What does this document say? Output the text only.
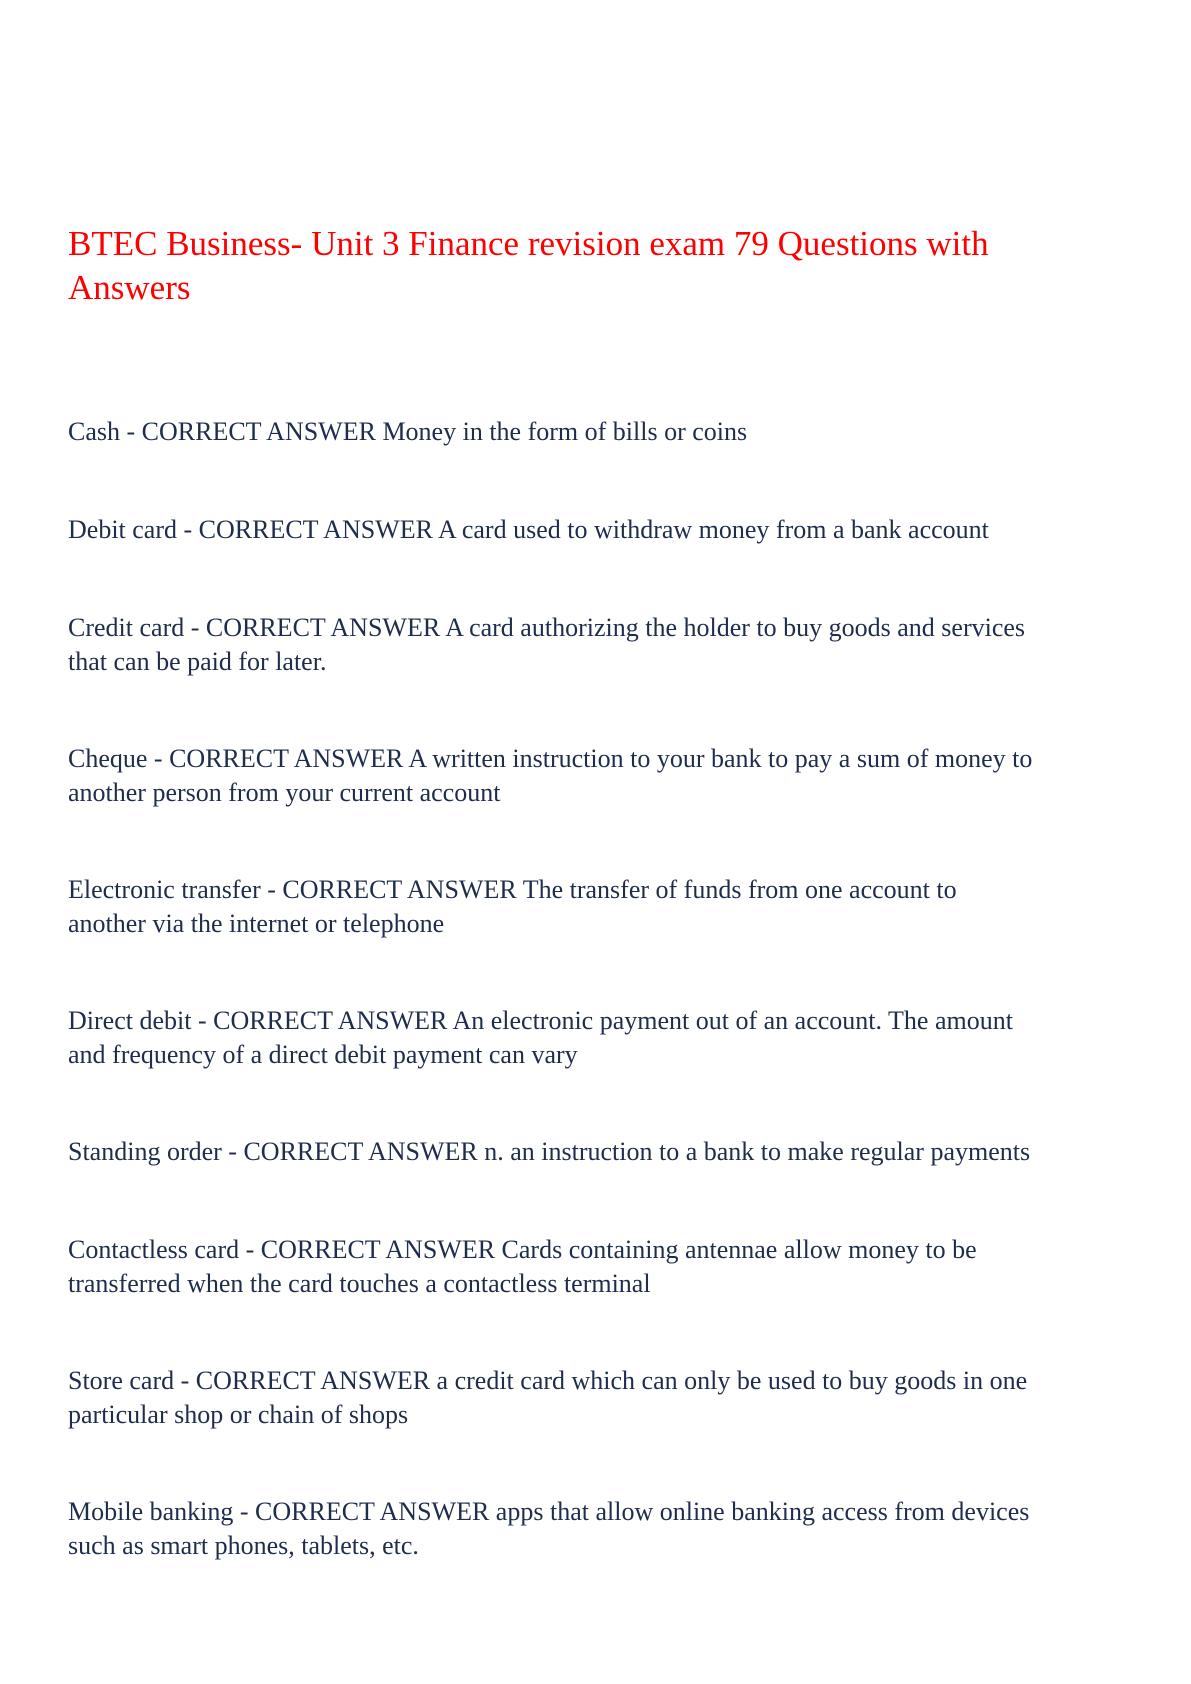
BTEC Business- Unit 3 Finance revision exam 79 Questions with
Answers

Cash - CORRECT ANSWER Money in the form of bills or coins

Debit card - CORRECT ANSWER A card used to withdraw money from a bank account

Credit card - CORRECT ANSWER A card authorizing the holder to buy goods and services
that can be paid for later.

Cheque - CORRECT ANSWER A written instruction to your bank to pay a sum of money to
another person from your current account

Electronic transfer - CORRECT ANSWER The transfer of funds from one account to
another via the internet or telephone

Direct debit - CORRECT ANSWER An electronic payment out of an account. The amount
and frequency of a direct debit payment can vary

Standing order - CORRECT ANSWER n. an instruction to a bank to make regular payments

Contactless card - CORRECT ANSWER Cards containing antennae allow money to be
transferred when the card touches a contactless terminal

Store card - CORRECT ANSWER a credit card which can only be used to buy goods in one
particular shop or chain of shops

Mobile banking - CORRECT ANSWER apps that allow online banking access from devices
such as smart phones, tablets, etc.
